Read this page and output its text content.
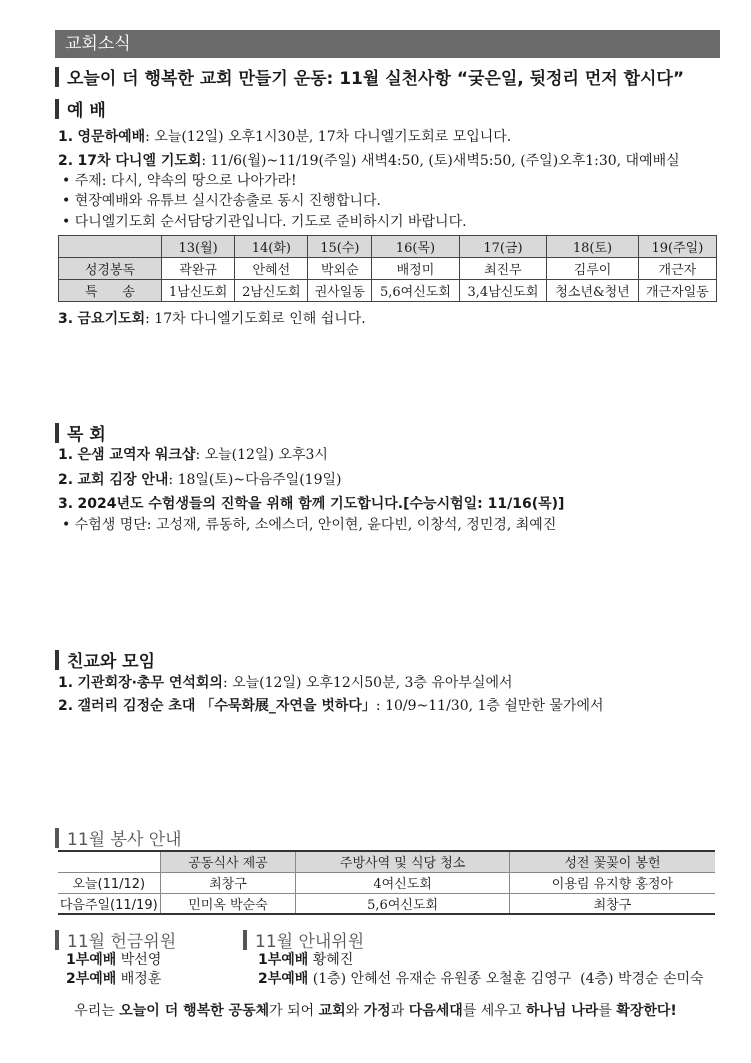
교회소식
오늘이 더 행복한 교회 만들기 운동: 11월 실천사항 “궂은일, 뒷정리 먼저 합시다”
예 배
1. 영문하예배: 오늘(12일) 오후1시30분, 17차 다니엘기도회로 모입니다.
2. 17차 다니엘 기도회: 11/6(월)~11/19(주일) 새벽4:50, (토)새벽5:50, (주일)오후1:30, 대예배실
• 주제: 다시, 약속의 땅으로 나아가라!
• 현장예배와 유튜브 실시간송출로 동시 진행합니다.
• 다니엘기도회 순서담당기관입니다. 기도로 준비하시기 바랍니다.
	13(월)	14(화)	15(수)	16(목)	17(금)	18(토)	19(주일)
성경봉독	곽완규	안혜선	박외순	배정미	최진무	김루이	개근자
특      송	1남신도회	2남신도회	권사일동	5,6여신도회	3,4남신도회	청소년&청년	개근자일동
3. 금요기도회: 17차 다니엘기도회로 인해 쉽니다.
목 회
1. 은샘 교역자 워크샵: 오늘(12일) 오후3시
2. 교회 김장 안내: 18일(토)~다음주일(19일)
3. 2024년도 수험생들의 진학을 위해 함께 기도합니다.[수능시험일: 11/16(목)]
• 수험생 명단: 고성재, 류동하, 소에스더, 안이현, 윤다빈, 이창석, 정민경, 최예진
친교와 모임
1. 기관회장·총무 연석회의: 오늘(12일) 오후12시50분, 3층 유아부실에서
2. 갤러리 김정순 초대 「수묵화展_자연을 벗하다」: 10/9~11/30, 1층 쉴만한 물가에서
11월 봉사 안내
	공동식사 제공	주방사역 및 식당 청소	성전 꽃꽂이 봉헌
오늘(11/12)	최창구	4여신도회	이용림 유지향 홍정아
다음주일(11/19)	민미옥 박순숙	5,6여신도회	최창구
11월 헌금위원
1부예배 박선영
2부예배 배정훈
11월 안내위원
1부예배 황혜진
2부예배 (1층) 안혜선 유재순 유원종 오철훈 김영구  (4층) 박경순 손미숙
우리는 오늘이 더 행복한 공동체가 되어 교회와 가정과 다음세대를 세우고 하나님 나라를 확장한다!
